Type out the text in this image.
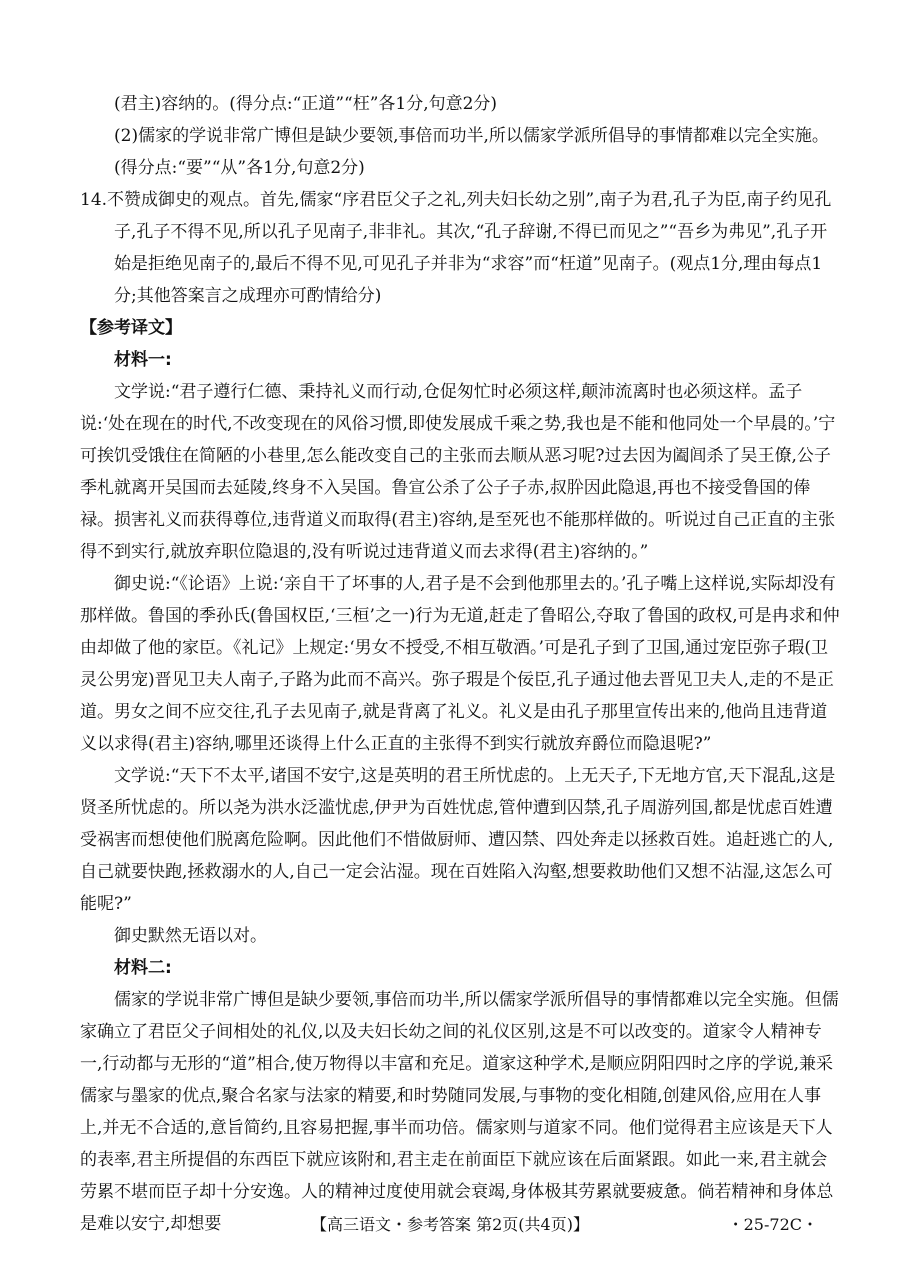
(君主)容纳的。(得分点:“正道”“枉”各1分,句意2分)

(2)儒家的学说非常广博但是缺少要领,事倍而功半,所以儒家学派所倡导的事情都难以完全实施。(得分点:“要”“从”各1分,句意2分)

14.不赞成御史的观点。首先,儒家“序君臣父子之礼,列夫妇长幼之别”,南子为君,孔子为臣,南子约见孔子,孔子不得不见,所以孔子见南子,非非礼。其次,“孔子辞谢,不得已而见之”“吾乡为弗见”,孔子开始是拒绝见南子的,最后不得不见,可见孔子并非为“求容”而“枉道”见南子。(观点1分,理由每点1分;其他答案言之成理亦可酌情给分)

【参考译文】

材料一:

文学说:“君子遵行仁德、秉持礼义而行动,仓促匆忙时必须这样,颠沛流离时也必须这样。孟子说:‘处在现在的时代,不改变现在的风俗习惯,即使发展成千乘之势,我也是不能和他同处一个早晨的。’宁可挨饥受饿住在简陋的小巷里,怎么能改变自己的主张而去顺从恶习呢?过去因为阖闾杀了吴王僚,公子季札就离开吴国而去延陵,终身不入吴国。鲁宣公杀了公子子赤,叔肸因此隐退,再也不接受鲁国的俸禄。损害礼义而获得尊位,违背道义而取得(君主)容纳,是至死也不能那样做的。听说过自己正直的主张得不到实行,就放弃职位隐退的,没有听说过违背道义而去求得(君主)容纳的。”

御史说:“《论语》上说:‘亲自干了坏事的人,君子是不会到他那里去的。’孔子嘴上这样说,实际却没有那样做。鲁国的季孙氏(鲁国权臣,‘三桓’之一)行为无道,赶走了鲁昭公,夺取了鲁国的政权,可是冉求和仲由却做了他的家臣。《礼记》上规定:‘男女不授受,不相互敬酒。’可是孔子到了卫国,通过宠臣弥子瑕(卫灵公男宠)晋见卫夫人南子,子路为此而不高兴。弥子瑕是个佞臣,孔子通过他去晋见卫夫人,走的不是正道。男女之间不应交往,孔子去见南子,就是背离了礼义。礼义是由孔子那里宣传出来的,他尚且违背道义以求得(君主)容纳,哪里还谈得上什么正直的主张得不到实行就放弃爵位而隐退呢?”

文学说:“天下不太平,诸国不安宁,这是英明的君王所忧虑的。上无天子,下无地方官,天下混乱,这是贤圣所忧虑的。所以尧为洪水泛滥忧虑,伊尹为百姓忧虑,管仲遭到囚禁,孔子周游列国,都是忧虑百姓遭受祸害而想使他们脱离危险啊。因此他们不惜做厨师、遭囚禁、四处奔走以拯救百姓。追赶逃亡的人,自己就要快跑,拯救溺水的人,自己一定会沾湿。现在百姓陷入沟壑,想要救助他们又想不沾湿,这怎么可能呢?”

御史默然无语以对。

材料二:

儒家的学说非常广博但是缺少要领,事倍而功半,所以儒家学派所倡导的事情都难以完全实施。但儒家确立了君臣父子间相处的礼仪,以及夫妇长幼之间的礼仪区别,这是不可以改变的。道家令人精神专一,行动都与无形的“道”相合,使万物得以丰富和充足。道家这种学术,是顺应阴阳四时之序的学说,兼采儒家与墨家的优点,聚合名家与法家的精要,和时势随同发展,与事物的变化相随,创建风俗,应用在人事上,并无不合适的,意旨简约,且容易把握,事半而功倍。儒家则与道家不同。他们觉得君主应该是天下人的表率,君主所提倡的东西臣下就应该附和,君主走在前面臣下就应该在后面紧跟。如此一来,君主就会劳累不堪而臣子却十分安逸。人的精神过度使用就会衰竭,身体极其劳累就要疲惫。倘若精神和身体总是难以安宁,却想要	【高三语文・参考答案 第2页(共4页)】	・25-72C・
